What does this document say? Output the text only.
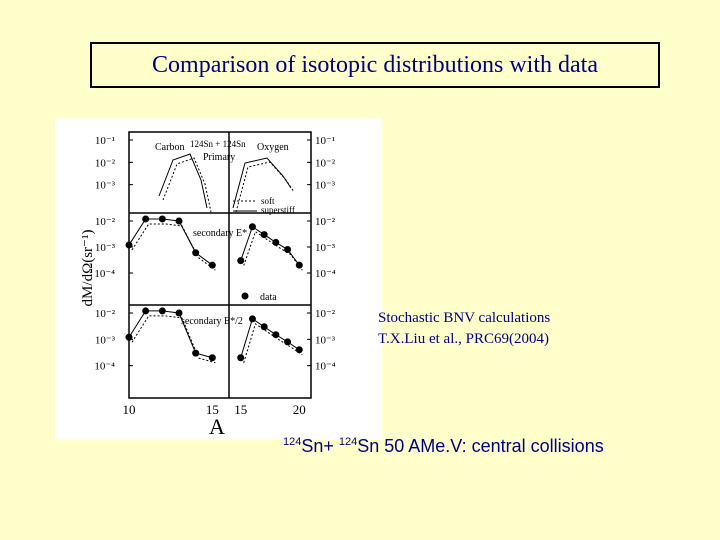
Comparison of isotopic distributions with data
10⁻¹
10⁻²
10⁻³
10⁻¹
10⁻²
10⁻³
10⁻²
10⁻³
10⁻⁴
10⁻²
10⁻³
10⁻⁴
10⁻²
10⁻³
10⁻⁴
10⁻²
10⁻³
10⁻⁴
10	15 15	20
A
dM/dΩ(sr⁻¹)
Carbon 124Sn + 124Sn
Primary
Oxygen
soft
superstiff
secondary E*
data
secondary E*/2	Stochastic BNV calculations
T.X.Liu et al., PRC69(2004)
$^{124}$Sn+ $^{124}$Sn 50 AMe.V: central collisions
